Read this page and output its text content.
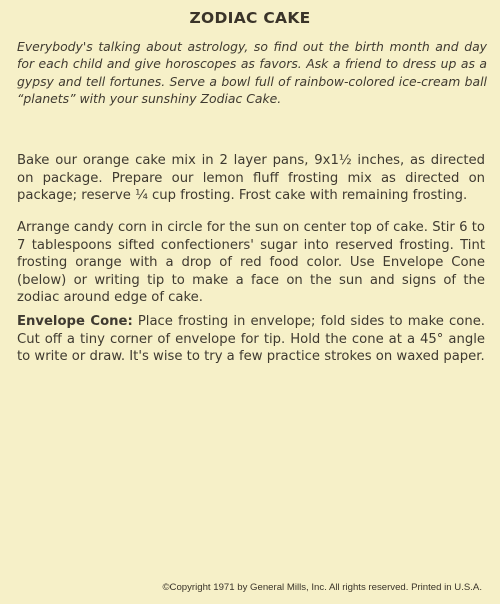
ZODIAC CAKE
Everybody's talking about astrology, so find out the birth month and day for each child and give horoscopes as favors. Ask a friend to dress up as a gypsy and tell fortunes. Serve a bowl full of rainbow-colored ice-cream ball “planets” with your sunshiny Zodiac Cake.
Bake our orange cake mix in 2 layer pans, 9x1½ inches, as directed on package. Prepare our lemon fluff frosting mix as directed on package; reserve ¼ cup frosting. Frost cake with remaining frosting.
Arrange candy corn in circle for the sun on center top of cake. Stir 6 to 7 tablespoons sifted confectioners' sugar into reserved frosting. Tint frosting orange with a drop of red food color. Use Envelope Cone (below) or writing tip to make a face on the sun and signs of the zodiac around edge of cake.
Envelope Cone: Place frosting in envelope; fold sides to make cone. Cut off a tiny corner of envelope for tip. Hold the cone at a 45° angle to write or draw. It's wise to try a few practice strokes on waxed paper.
©Copyright 1971 by General Mills, Inc. All rights reserved. Printed in U.S.A.
